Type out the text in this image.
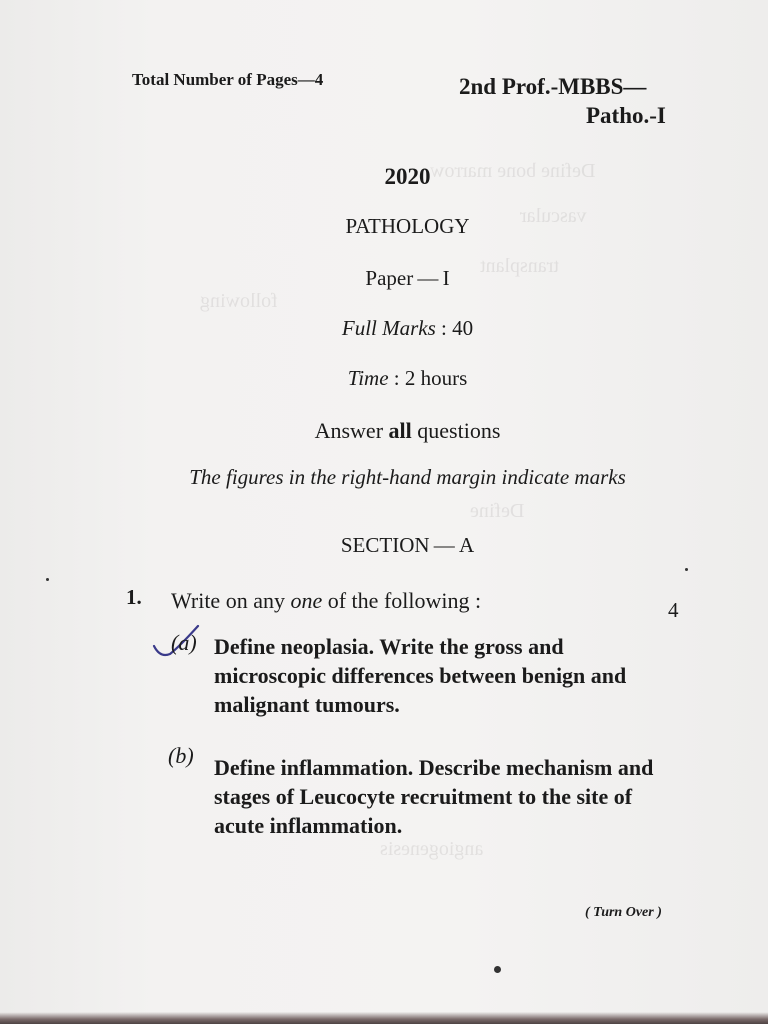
Define bone marrow
vascular
transplant
following
angiogenesis
Define
Total Number of Pages—4	2nd Prof.-MBBS—
Patho.-I
2020
PATHOLOGY
Paper — I
Full Marks : 40
Time : 2 hours
Answer all questions
The figures in the right-hand margin indicate marks
SECTION — A
1. Write on any one of the following :	4
(a) Define neoplasia. Write the gross and microscopic differences between benign and malignant tumours.
(b) Define inflammation. Describe mechanism and stages of Leucocyte recruitment to the site of acute inflammation.
( Turn Over )
